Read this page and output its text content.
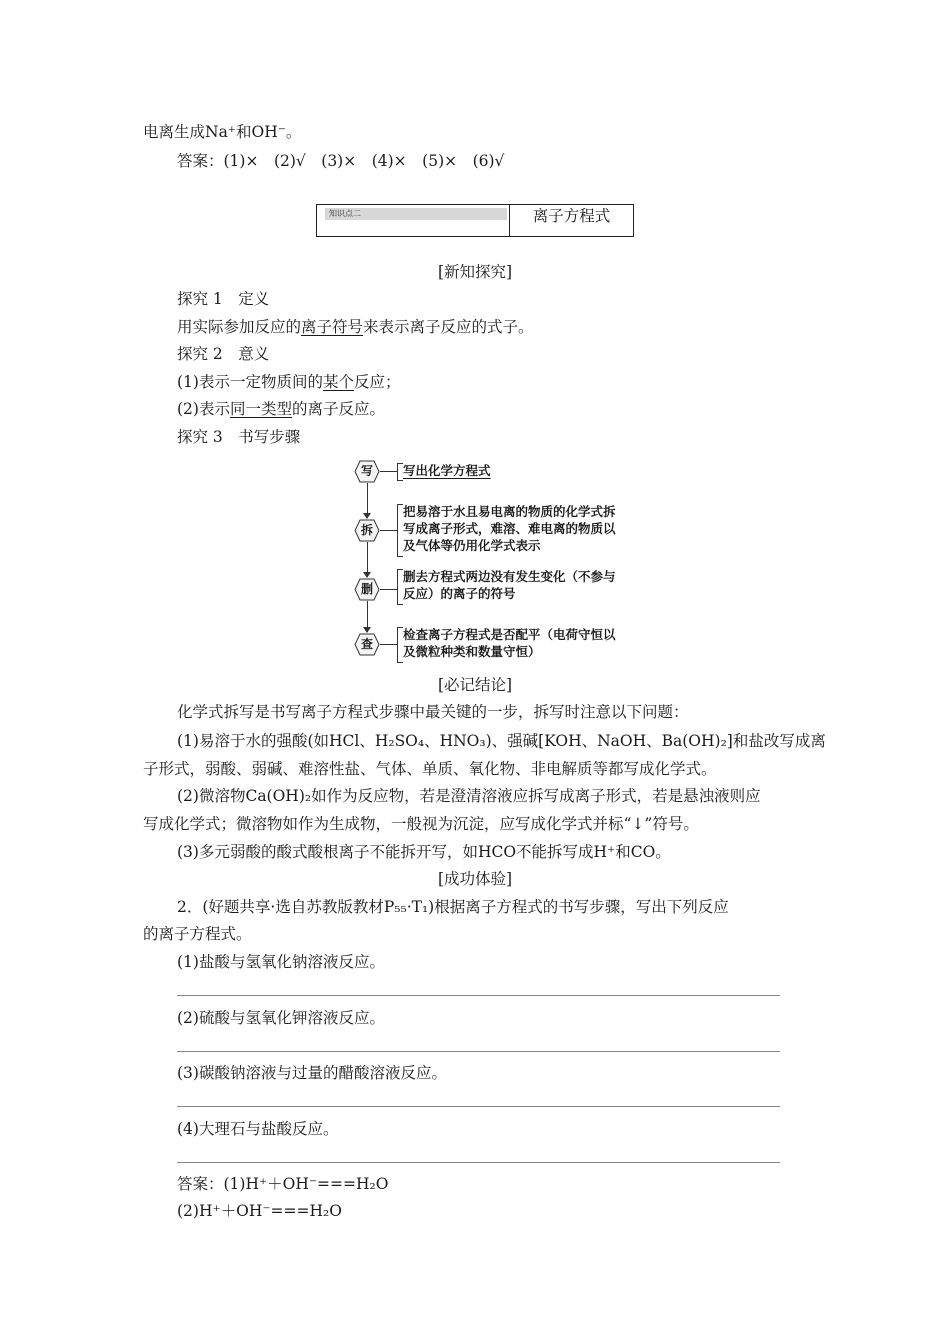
电离生成Na⁺和OH⁻。
答案：(1)×　(2)√　(3)×　(4)×　(5)×　(6)√
知识点二	离子方程式
[新知探究]
探究 1　定义
用实际参加反应的离子符号来表示离子反应的式子。
探究 2　意义
(1)表示一定物质间的某个反应；
(2)表示同一类型的离子反应。
探究 3　书写步骤
写	写出化学方程式
拆
把易溶于水且易电离的物质的化学式拆
写成离子形式，难溶、难电离的物质以
及气体等仍用化学式表示
删
删去方程式两边没有发生变化（不参与
反应）的离子的符号
查
检查离子方程式是否配平（电荷守恒以
及微粒种类和数量守恒）
[必记结论]
化学式拆写是书写离子方程式步骤中最关键的一步，拆写时注意以下问题：
(1)易溶于水的强酸(如HCl、H₂SO₄、HNO₃)、强碱[KOH、NaOH、Ba(OH)₂]和盐改写成离
子形式，弱酸、弱碱、难溶性盐、气体、单质、氧化物、非电解质等都写成化学式。
(2)微溶物Ca(OH)₂如作为反应物，若是澄清溶液应拆写成离子形式，若是悬浊液则应
写成化学式；微溶物如作为生成物，一般视为沉淀，应写成化学式并标“↓”符号。
(3)多元弱酸的酸式酸根离子不能拆开写，如HCO不能拆写成H⁺和CO。
[成功体验]
2．(好题共享·选自苏教版教材P₅₅·T₁)根据离子方程式的书写步骤，写出下列反应
的离子方程式。
(1)盐酸与氢氧化钠溶液反应。
(2)硫酸与氢氧化钾溶液反应。
(3)碳酸钠溶液与过量的醋酸溶液反应。
(4)大理石与盐酸反应。
答案：(1)H⁺＋OH⁻===H₂O
(2)H⁺＋OH⁻===H₂O
